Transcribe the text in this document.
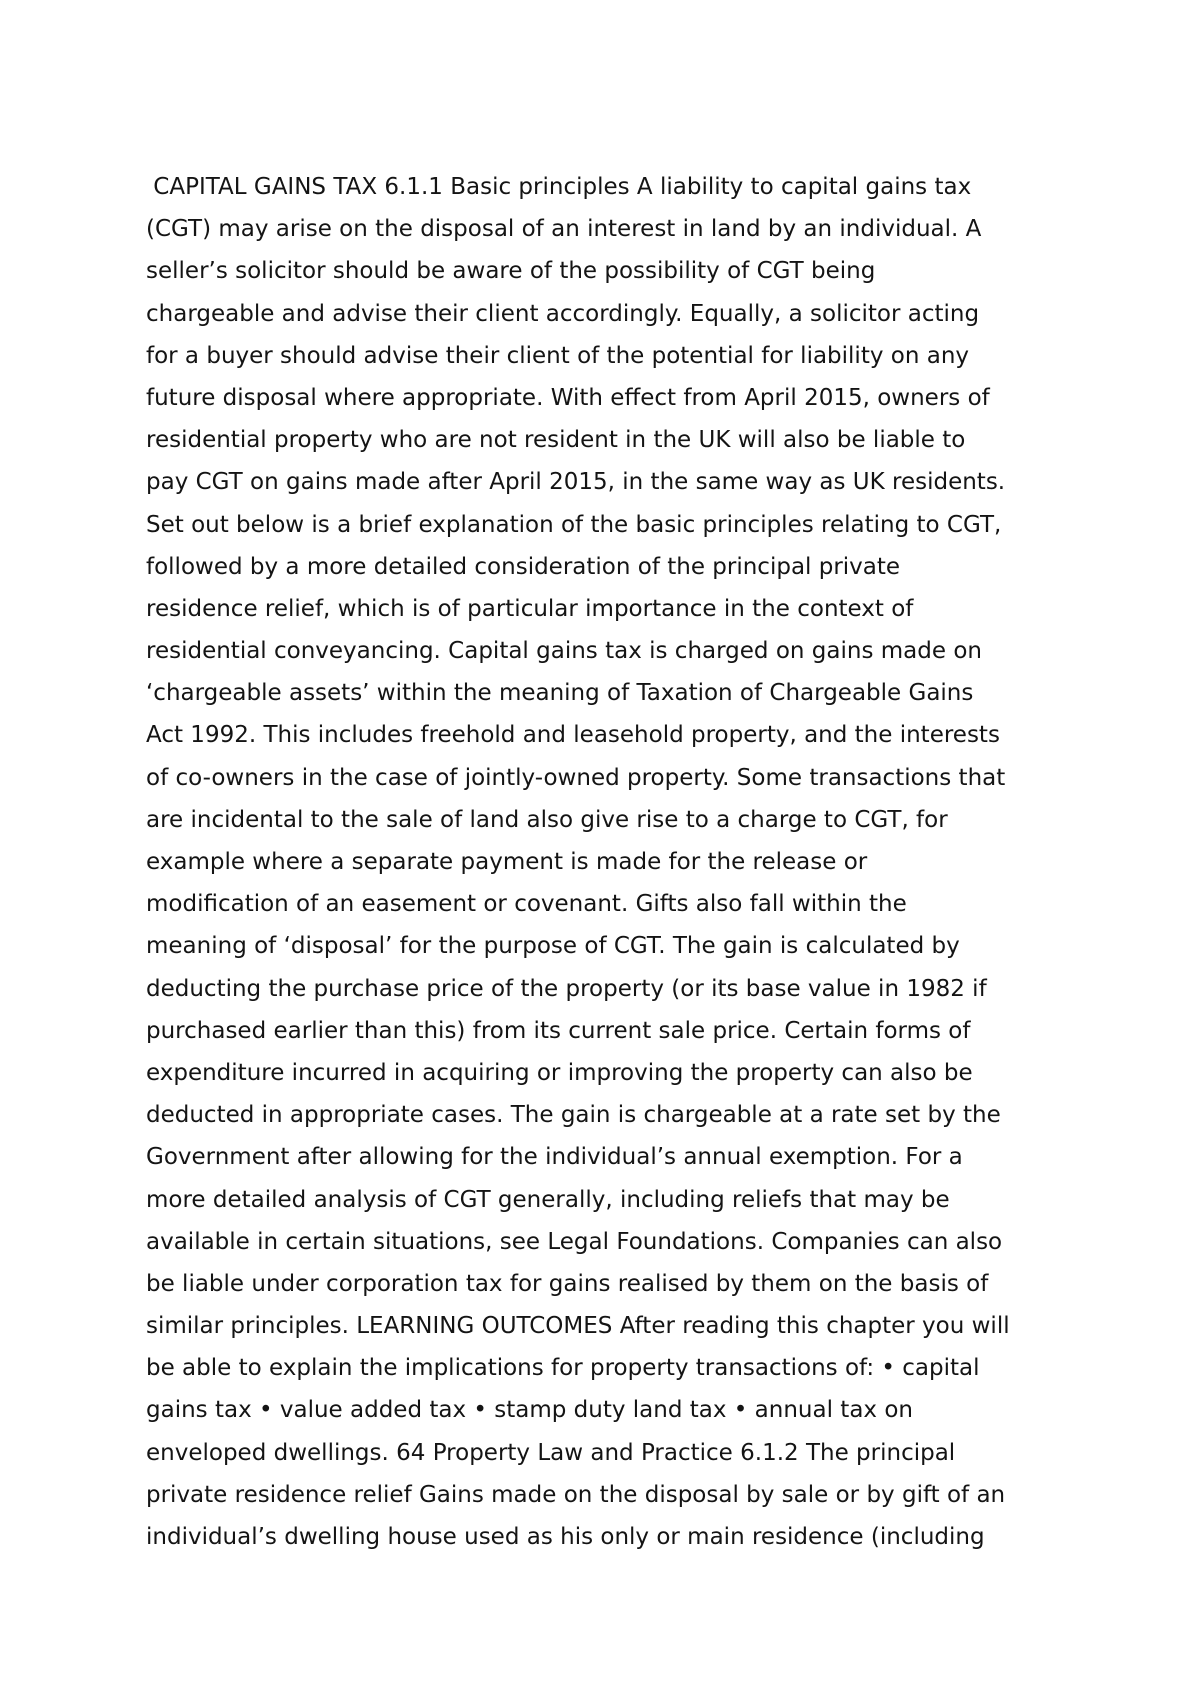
CAPITAL GAINS TAX 6.1.1 Basic principles A liability to capital gains tax
(CGT) may arise on the disposal of an interest in land by an individual. A
seller’s solicitor should be aware of the possibility of CGT being
chargeable and advise their client accordingly. Equally, a solicitor acting
for a buyer should advise their client of the potential for liability on any
future disposal where appropriate. With effect from April 2015, owners of
residential property who are not resident in the UK will also be liable to
pay CGT on gains made after April 2015, in the same way as UK residents.
Set out below is a brief explanation of the basic principles relating to CGT,
followed by a more detailed consideration of the principal private
residence relief, which is of particular importance in the context of
residential conveyancing. Capital gains tax is charged on gains made on
‘chargeable assets’ within the meaning of Taxation of Chargeable Gains
Act 1992. This includes freehold and leasehold property, and the interests
of co-owners in the case of jointly-owned property. Some transactions that
are incidental to the sale of land also give rise to a charge to CGT, for
example where a separate payment is made for the release or
modification of an easement or covenant. Gifts also fall within the
meaning of ‘disposal’ for the purpose of CGT. The gain is calculated by
deducting the purchase price of the property (or its base value in 1982 if
purchased earlier than this) from its current sale price. Certain forms of
expenditure incurred in acquiring or improving the property can also be
deducted in appropriate cases. The gain is chargeable at a rate set by the
Government after allowing for the individual’s annual exemption. For a
more detailed analysis of CGT generally, including reliefs that may be
available in certain situations, see Legal Foundations. Companies can also
be liable under corporation tax for gains realised by them on the basis of
similar principles. LEARNING OUTCOMES After reading this chapter you will
be able to explain the implications for property transactions of: • capital
gains tax • value added tax • stamp duty land tax • annual tax on
enveloped dwellings. 64 Property Law and Practice 6.1.2 The principal
private residence relief Gains made on the disposal by sale or by gift of an
individual’s dwelling house used as his only or main residence (including
